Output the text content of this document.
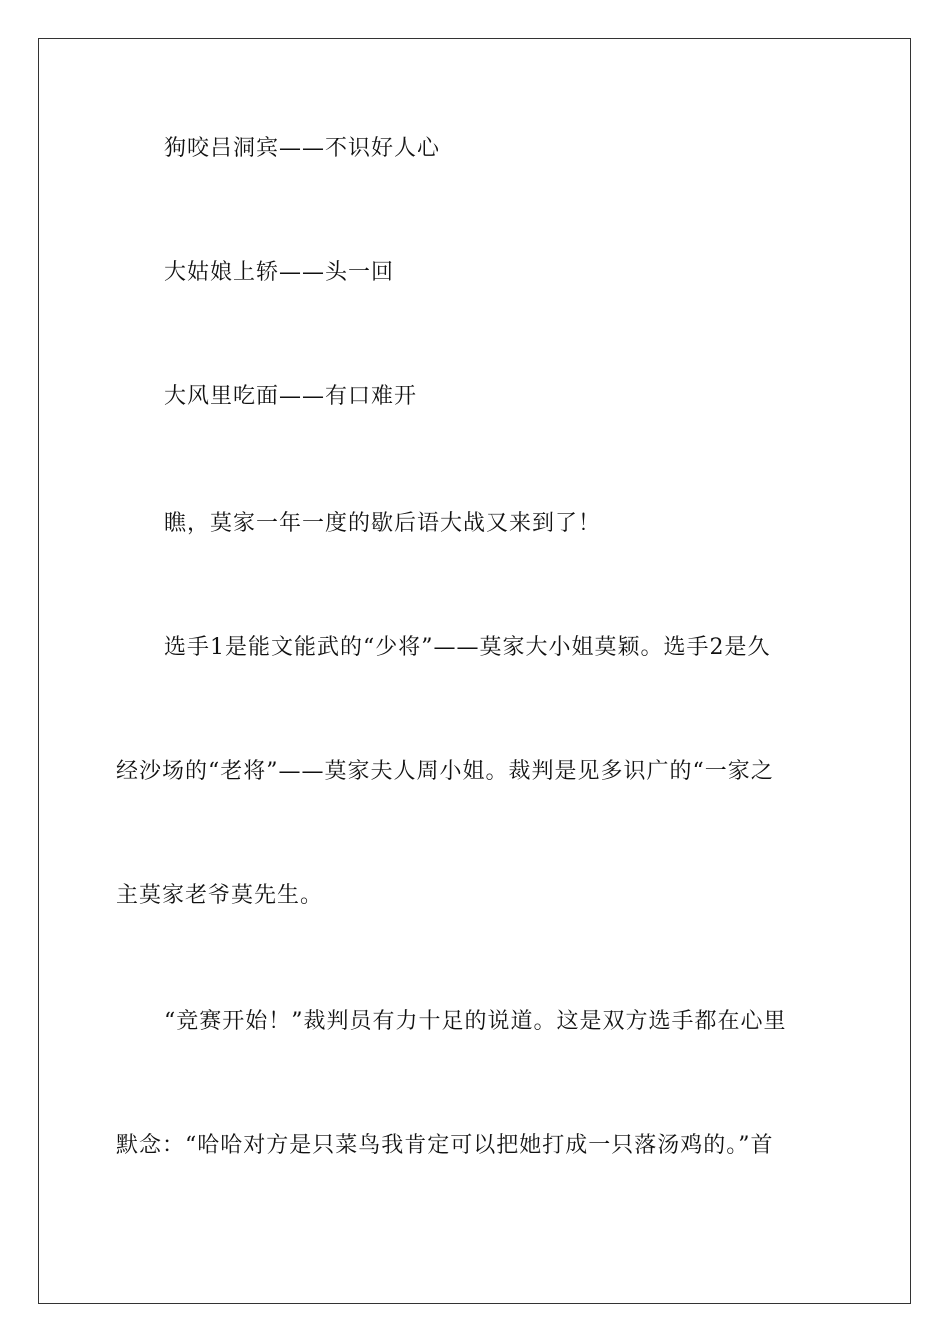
狗咬吕洞宾——不识好人心
大姑娘上轿——头一回
大风里吃面——有口难开
瞧，莫家一年一度的歇后语大战又来到了！
选手1是能文能武的“少将”——莫家大小姐莫颖。选手2是久
经沙场的“老将”——莫家夫人周小姐。裁判是见多识广的“一家之
主莫家老爷莫先生。
“竞赛开始！”裁判员有力十足的说道。这是双方选手都在心里
默念：“哈哈对方是只菜鸟我肯定可以把她打成一只落汤鸡的。”首
